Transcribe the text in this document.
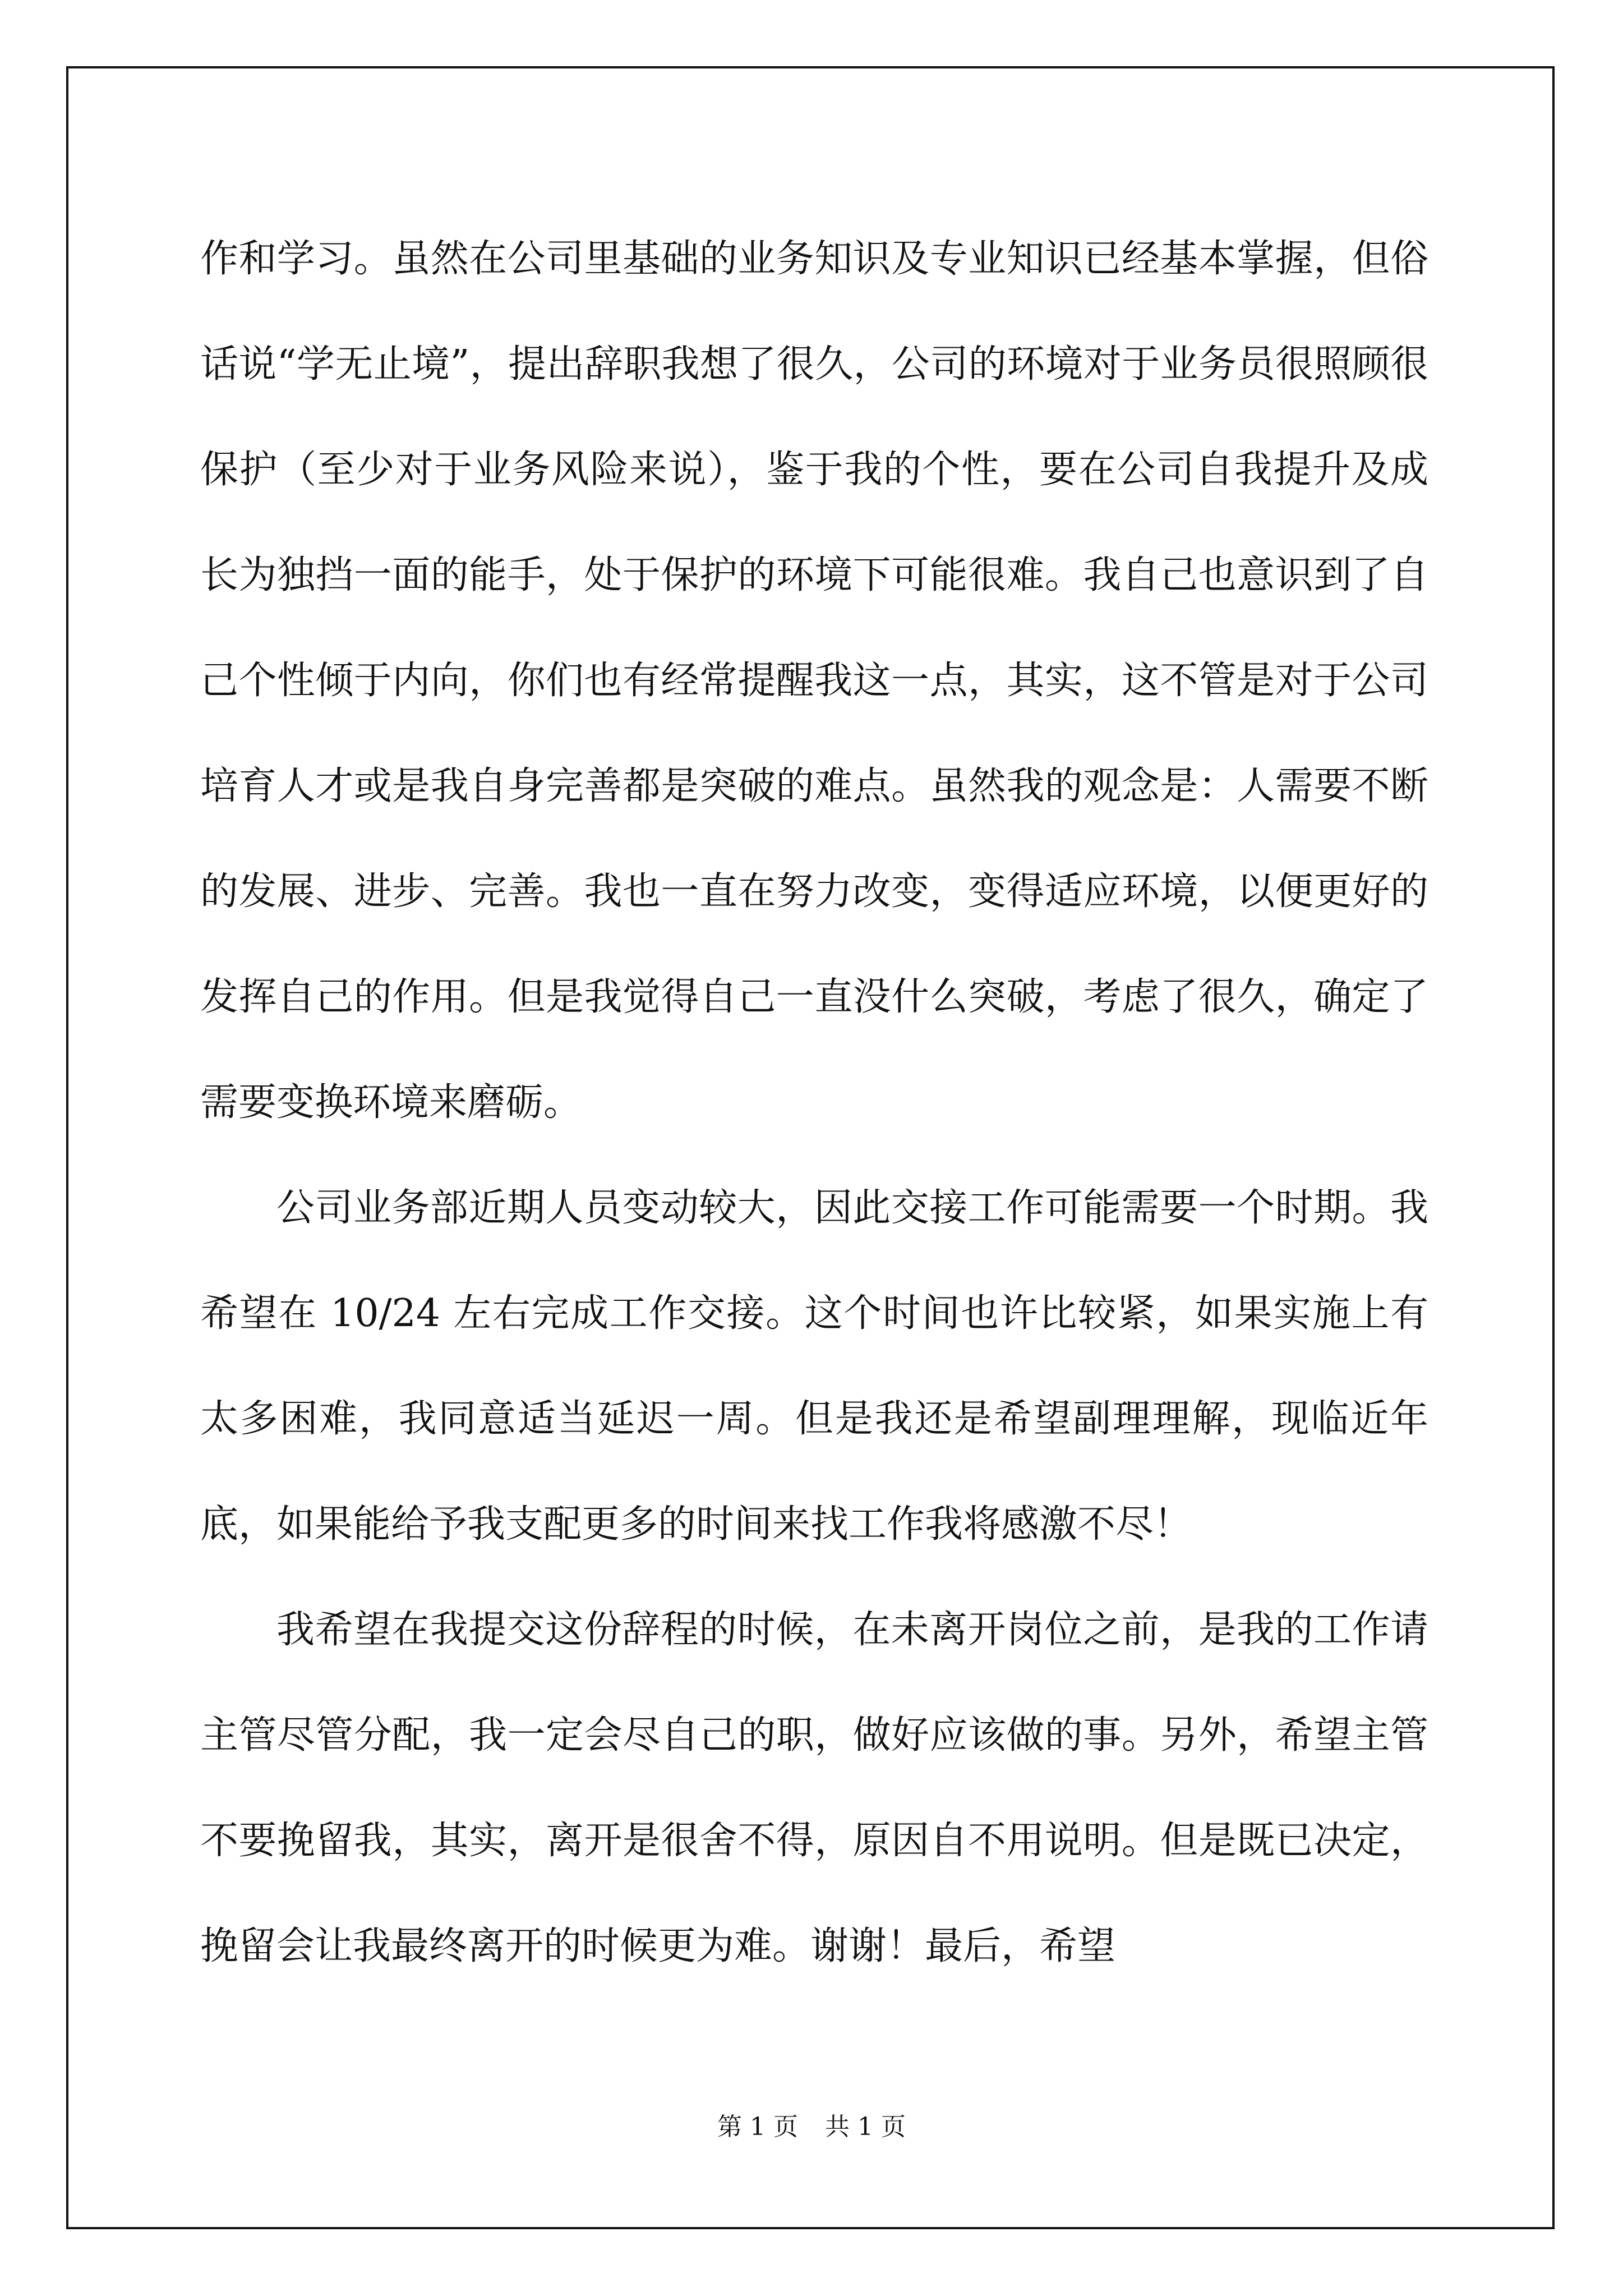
作和学习。虽然在公司里基础的业务知识及专业知识已经基本掌握，但俗话说“学无止境”，提出辞职我想了很久，公司的环境对于业务员很照顾很保护（至少对于业务风险来说），鉴于我的个性，要在公司自我提升及成长为独挡一面的能手，处于保护的环境下可能很难。我自己也意识到了自己个性倾于内向，你们也有经常提醒我这一点，其实，这不管是对于公司培育人才或是我自身完善都是突破的难点。虽然我的观念是：人需要不断的发展、进步、完善。我也一直在努力改变，变得适应环境，以便更好的发挥自己的作用。但是我觉得自己一直没什么突破，考虑了很久，确定了需要变换环境来磨砺。

公司业务部近期人员变动较大，因此交接工作可能需要一个时期。我希望在 10/24 左右完成工作交接。这个时间也许比较紧，如果实施上有太多困难，我同意适当延迟一周。但是我还是希望副理理解，现临近年底，如果能给予我支配更多的时间来找工作我将感激不尽！

我希望在我提交这份辞程的时候，在未离开岗位之前，是我的工作请主管尽管分配，我一定会尽自己的职，做好应该做的事。另外，希望主管不要挽留我，其实，离开是很舍不得，原因自不用说明。但是既已决定，挽留会让我最终离开的时候更为难。谢谢！最后，希望

第 1 页 共 1 页
